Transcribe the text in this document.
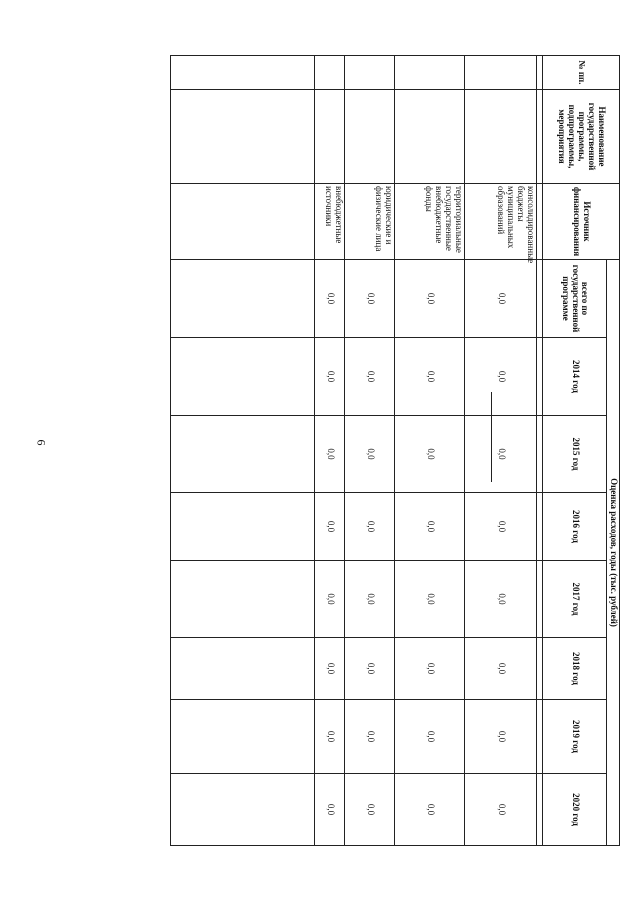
6
№ пп.	Наименование государственной программы, подпрограммы, мероприятия	Источник финансирования	Оценка расходов, годы (тыс. рублей)							
			всего по государственной программе	2014 год	2015 год	2016 год	2017 год	2018 год	2019 год	2020 год

		консолидированные бюджеты муниципальных образований	0,0	0,0	0,0	0,0	0,0	0,0	0,0	0,0
		территориальные государственные внебюджетные фонды	0,0	0,0	0,0	0,0	0,0	0,0	0,0	0,0
		юридические и физические лица	0,0	0,0	0,0	0,0	0,0	0,0	0,0	0,0
		внебюджетные источники	0,0	0,0	0,0	0,0	0,0	0,0	0,0	0,0
